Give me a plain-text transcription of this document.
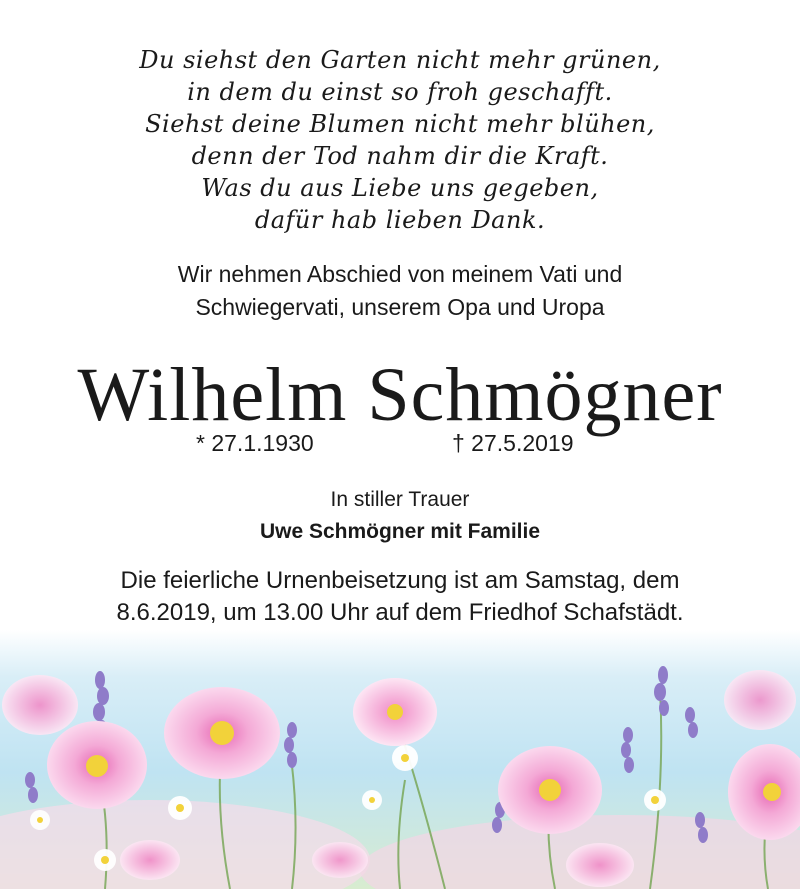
Du siehst den Garten nicht mehr grünen,
in dem du einst so froh geschafft.
Siehst deine Blumen nicht mehr blühen,
denn der Tod nahm dir die Kraft.
Was du aus Liebe uns gegeben,
dafür hab lieben Dank.
Wir nehmen Abschied von meinem Vati und
Schwiegervati, unserem Opa und Uropa
Wilhelm Schmögner
* 27.1.1930	† 27.5.2019
In stiller Trauer
Uwe Schmögner mit Familie
Die feierliche Urnenbeisetzung ist am Samstag, dem
8.6.2019, um 13.00 Uhr auf dem Friedhof Schafstädt.
